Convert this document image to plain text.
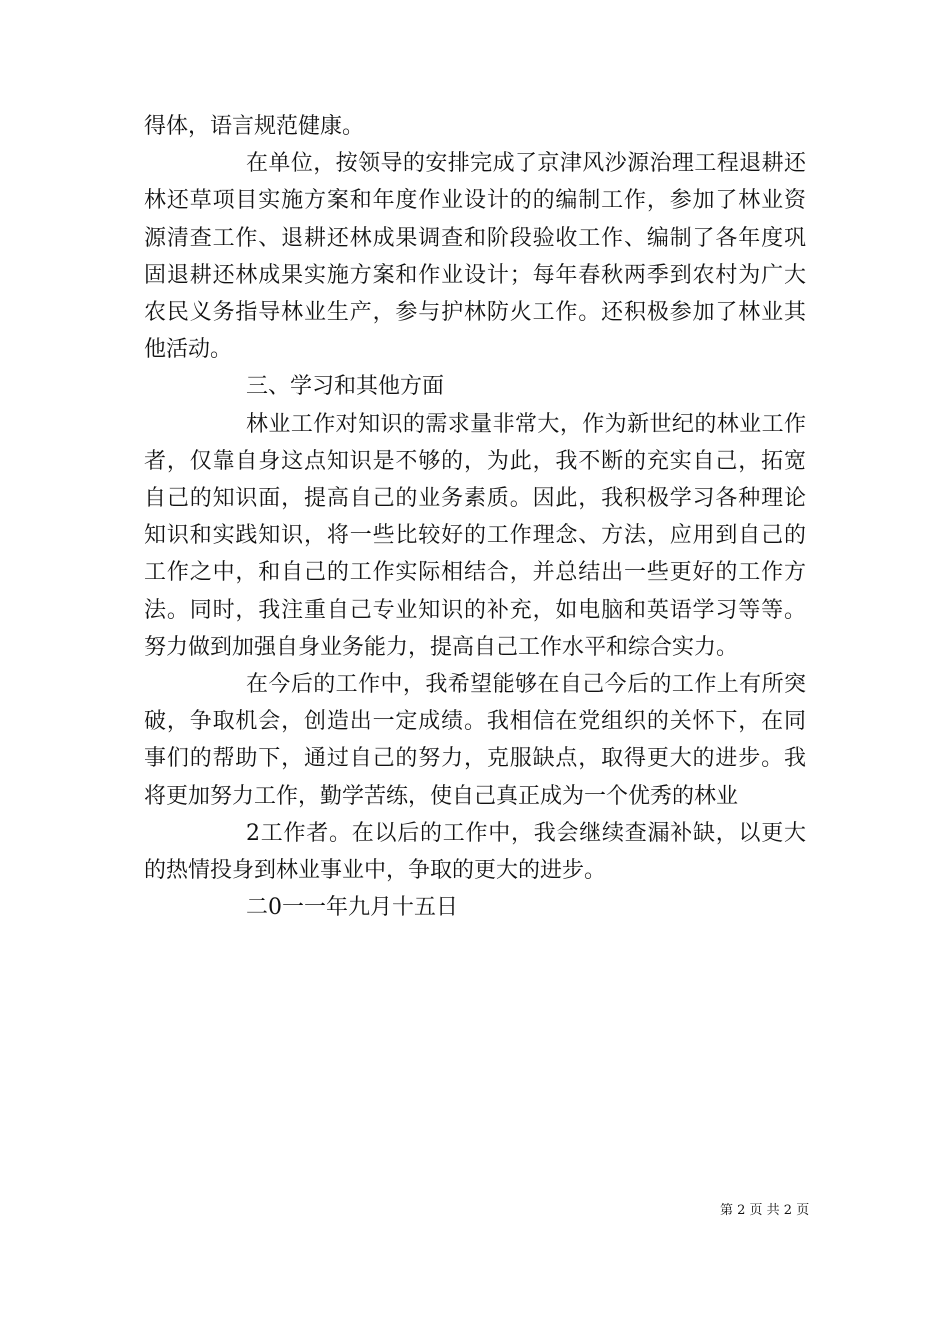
得体，语言规范健康。
在单位，按领导的安排完成了京津风沙源治理工程退耕还
林还草项目实施方案和年度作业设计的的编制工作，参加了林业资
源清查工作、退耕还林成果调查和阶段验收工作、编制了各年度巩
固退耕还林成果实施方案和作业设计；每年春秋两季到农村为广大
农民义务指导林业生产，参与护林防火工作。还积极参加了林业其
他活动。
三、学习和其他方面
林业工作对知识的需求量非常大，作为新世纪的林业工作
者，仅靠自身这点知识是不够的，为此，我不断的充实自己，拓宽
自己的知识面，提高自己的业务素质。因此，我积极学习各种理论
知识和实践知识，将一些比较好的工作理念、方法，应用到自己的
工作之中，和自己的工作实际相结合，并总结出一些更好的工作方
法。同时，我注重自己专业知识的补充，如电脑和英语学习等等。
努力做到加强自身业务能力，提高自己工作水平和综合实力。
在今后的工作中，我希望能够在自己今后的工作上有所突
破，争取机会，创造出一定成绩。我相信在党组织的关怀下，在同
事们的帮助下，通过自己的努力，克服缺点，取得更大的进步。我
将更加努力工作，勤学苦练，使自己真正成为一个优秀的林业
2工作者。在以后的工作中，我会继续查漏补缺，以更大
的热情投身到林业事业中，争取的更大的进步。
二0一一年九月十五日
第 2 页 共 2 页
